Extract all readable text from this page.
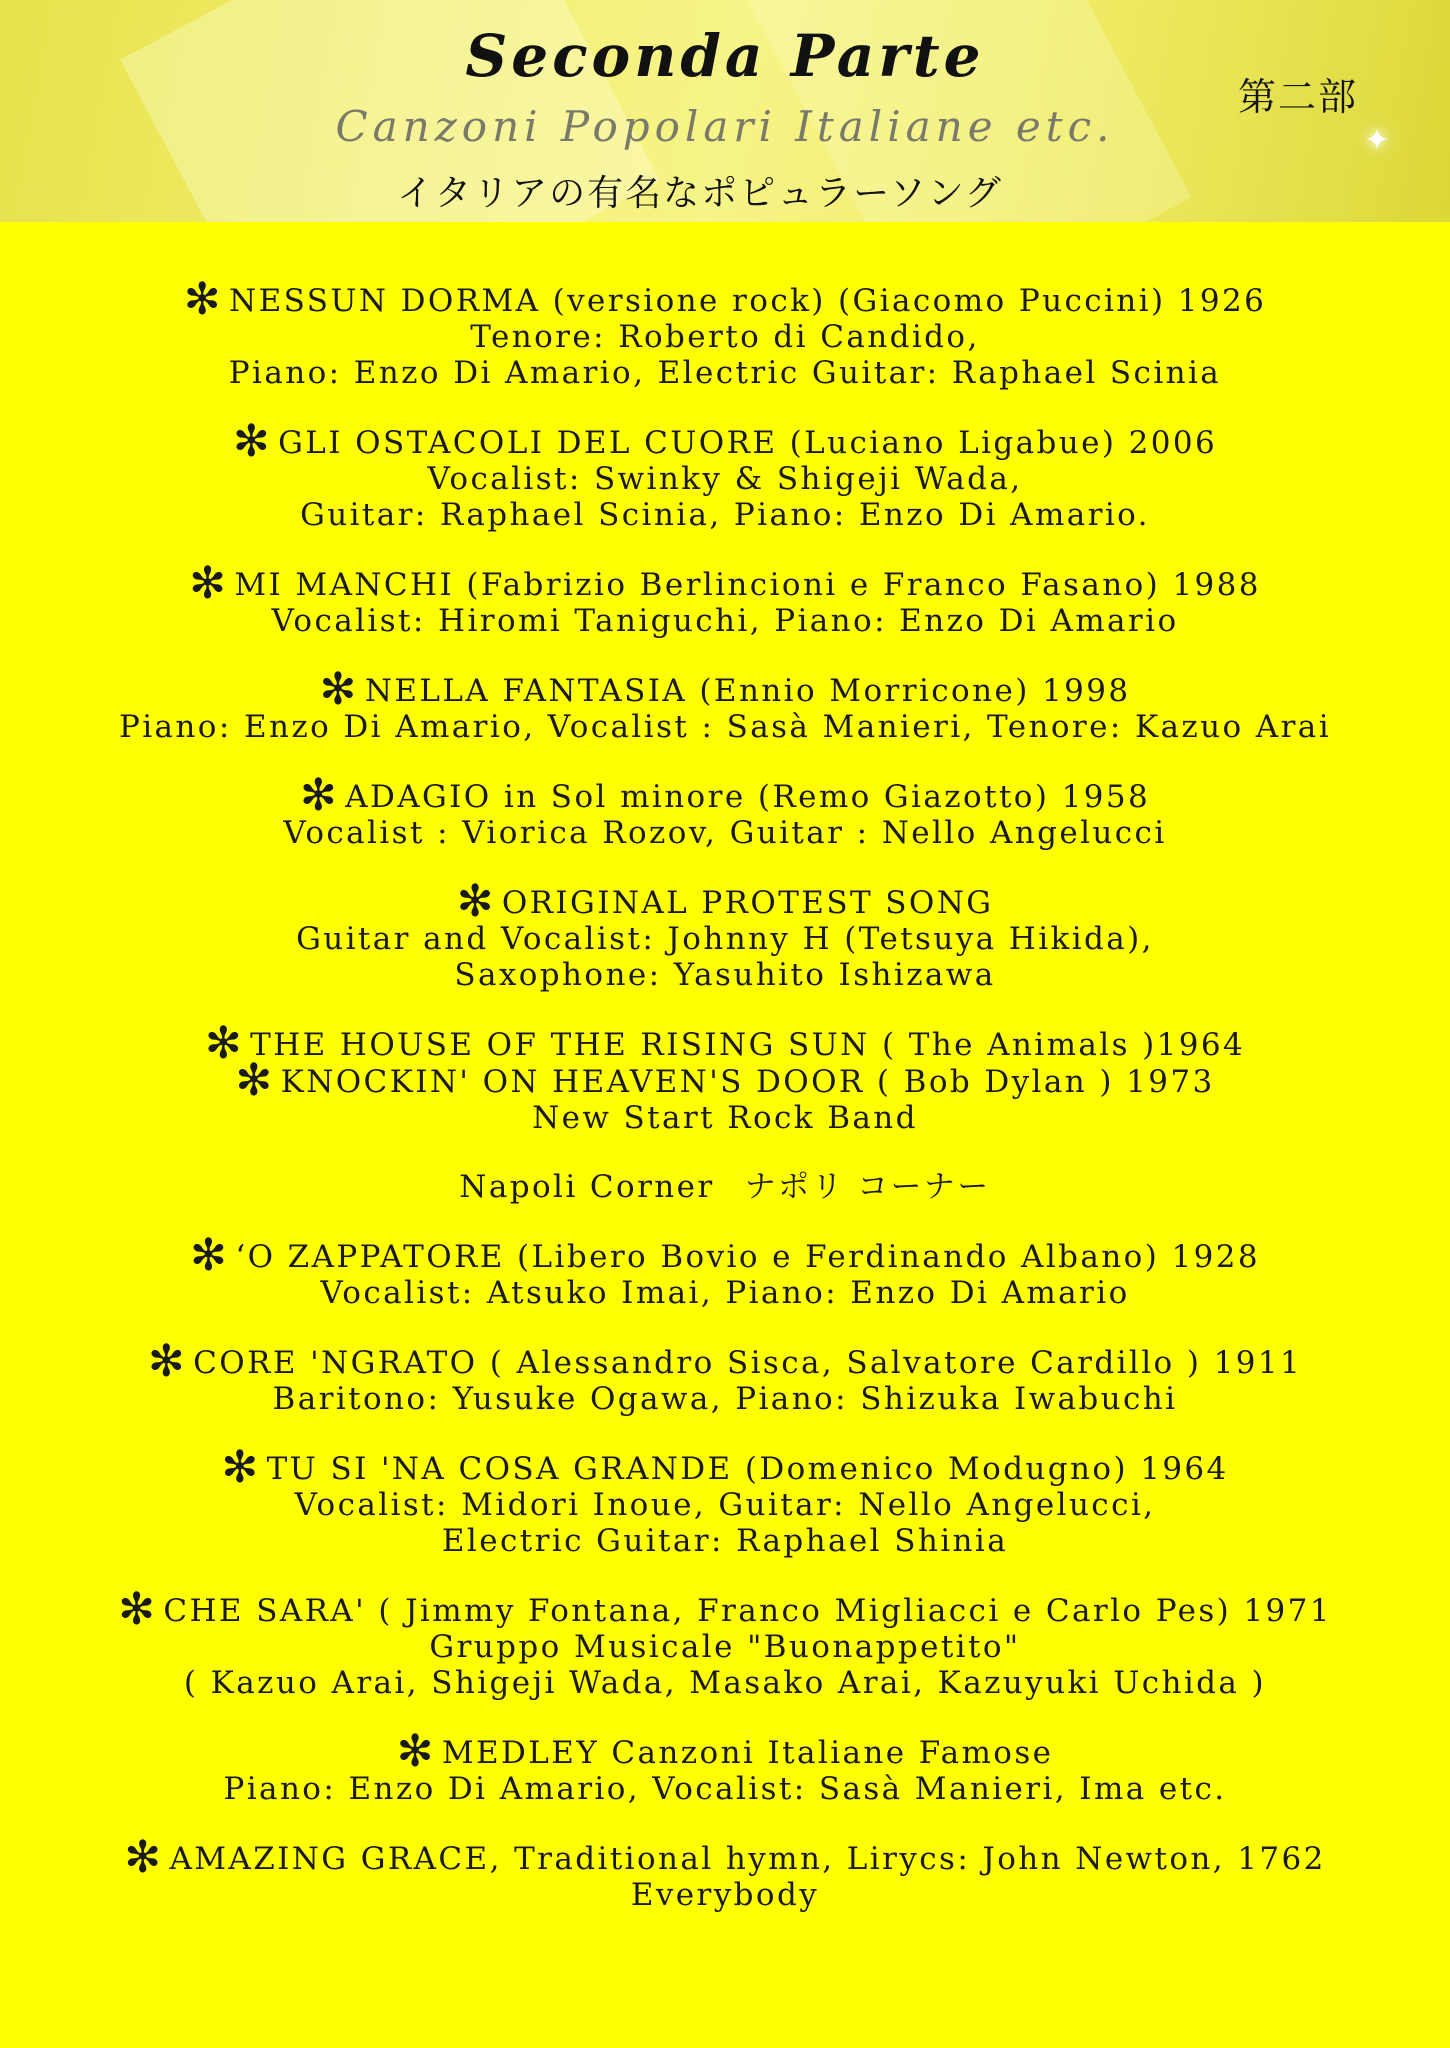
Seconda Parte
Canzoni Popolari Italiane etc.
イタリアの有名なポピュラーソング
第二部
✦
✻ NESSUN DORMA (versione rock) (Giacomo Puccini) 1926
Tenore: Roberto di Candido,
Piano: Enzo Di Amario, Electric Guitar: Raphael Scinia
✻ GLI OSTACOLI DEL CUORE (Luciano Ligabue) 2006
Vocalist: Swinky & Shigeji Wada,
Guitar: Raphael Scinia, Piano: Enzo Di Amario.
✻ MI MANCHI (Fabrizio Berlincioni e Franco Fasano) 1988
Vocalist: Hiromi Taniguchi, Piano: Enzo Di Amario
✻ NELLA FANTASIA (Ennio Morricone) 1998
Piano: Enzo Di Amario, Vocalist : Sasà Manieri, Tenore: Kazuo Arai
✻ ADAGIO in Sol minore (Remo Giazotto) 1958
Vocalist : Viorica Rozov, Guitar : Nello Angelucci
✻ ORIGINAL PROTEST SONG
Guitar and Vocalist: Johnny H (Tetsuya Hikida),
Saxophone: Yasuhito Ishizawa
✻ THE HOUSE OF THE RISING SUN ( The Animals )1964
✻ KNOCKIN' ON HEAVEN'S DOOR ( Bob Dylan ) 1973
New Start Rock Band
Napoli Corner ナポリ コーナー
✻ ‘O ZAPPATORE (Libero Bovio e Ferdinando Albano) 1928
Vocalist: Atsuko Imai, Piano: Enzo Di Amario
✻ CORE 'NGRATO ( Alessandro Sisca, Salvatore Cardillo ) 1911
Baritono: Yusuke Ogawa, Piano: Shizuka Iwabuchi
✻ TU SI 'NA COSA GRANDE (Domenico Modugno) 1964
Vocalist: Midori Inoue, Guitar: Nello Angelucci,
Electric Guitar: Raphael Shinia
✻ CHE SARA' ( Jimmy Fontana, Franco Migliacci e Carlo Pes) 1971
Gruppo Musicale "Buonappetito"
( Kazuo Arai, Shigeji Wada, Masako Arai, Kazuyuki Uchida )
✻ MEDLEY Canzoni Italiane Famose
Piano: Enzo Di Amario, Vocalist: Sasà Manieri, Ima etc.
✻ AMAZING GRACE, Traditional hymn, Lirycs: John Newton, 1762
Everybody
